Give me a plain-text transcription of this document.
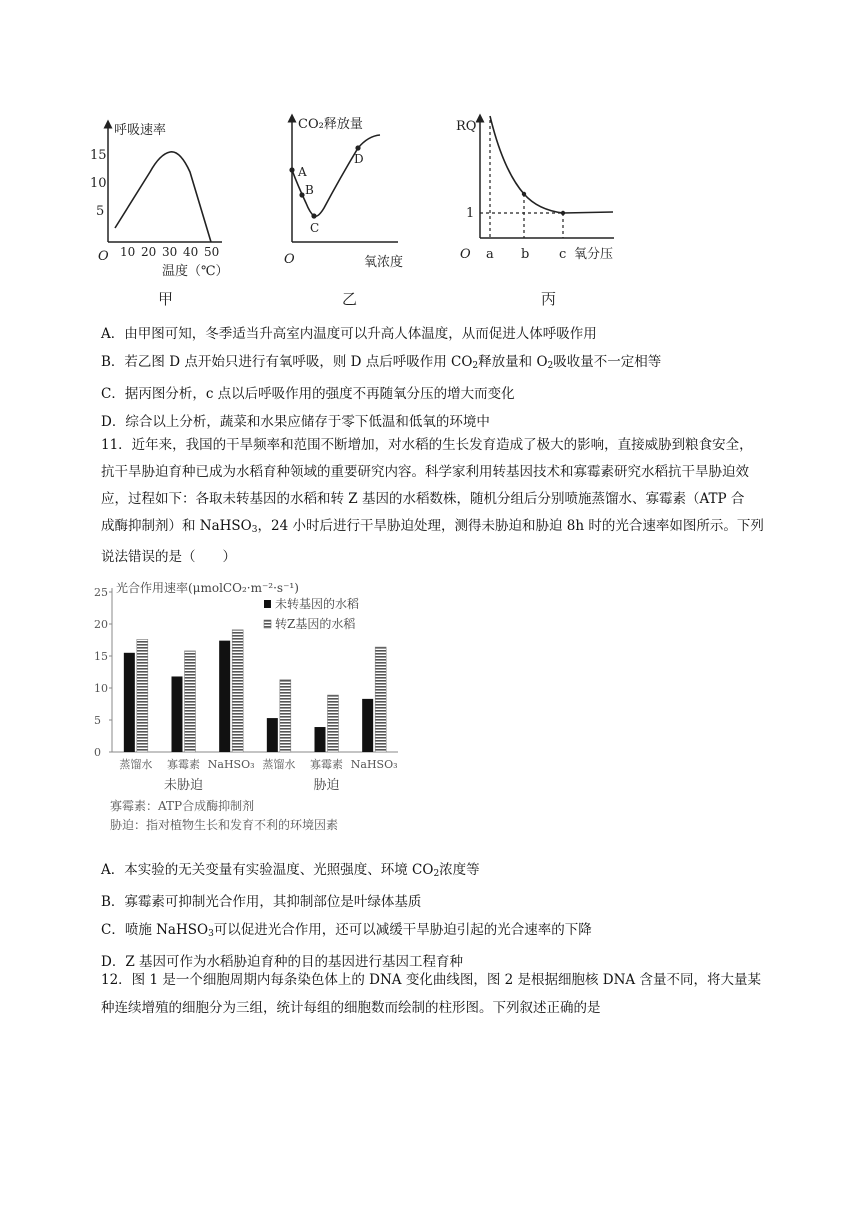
呼吸速率
15
10
5
O 10 20 30 40 50
温度（℃）
甲
CO₂释放量
A
B
C
D
O	氧浓度
乙
RQ
1
O a b c 氧分压
丙

A．由甲图可知，冬季适当升高室内温度可以升高人体温度，从而促进人体呼吸作用

B．若乙图 D 点开始只进行有氧呼吸，则 D 点后呼吸作用 $CO_2$释放量和 $O_2$吸收量不一定相等

C．据丙图分析，c 点以后呼吸作用的强度不再随氧分压的增大而变化

D．综合以上分析，蔬菜和水果应储存于零下低温和低氧的环境中

11．近年来，我国的干旱频率和范围不断增加，对水稻的生长发育造成了极大的影响，直接威胁到粮食安全，

抗干旱胁迫育种已成为水稻育种领域的重要研究内容。科学家利用转基因技术和寡霉素研究水稻抗干旱胁迫效

应，过程如下：各取未转基因的水稻和转 Z 基因的水稻数株，随机分组后分别喷施蒸馏水、寡霉素（ATP 合

成酶抑制剂）和 NaHSO$_3$，24 小时后进行干旱胁迫处理，测得未胁迫和胁迫 8h 时的光合速率如图所示。下列

说法错误的是（　　）

0
5
10
15
20
25 光合作用速率(μmolCO₂·m⁻²·s⁻¹)
未转基因的水稻
转Z基因的水稻
蒸馏水 寡霉素 NaHSO₃ 蒸馏水 寡霉素 NaHSO₃
未胁迫	胁迫
寡霉素：ATP合成酶抑制剂
胁迫：指对植物生长和发育不利的环境因素

A．本实验的无关变量有实验温度、光照强度、环境 $CO_2$浓度等

B．寡霉素可抑制光合作用，其抑制部位是叶绿体基质

C．喷施 NaHSO$_3$可以促进光合作用，还可以减缓干旱胁迫引起的光合速率的下降

D．Z 基因可作为水稻胁迫育种的目的基因进行基因工程育种

12．图 1 是一个细胞周期内每条染色体上的 DNA 变化曲线图，图 2 是根据细胞核 DNA 含量不同，将大量某

种连续增殖的细胞分为三组，统计每组的细胞数而绘制的柱形图。下列叙述正确的是
